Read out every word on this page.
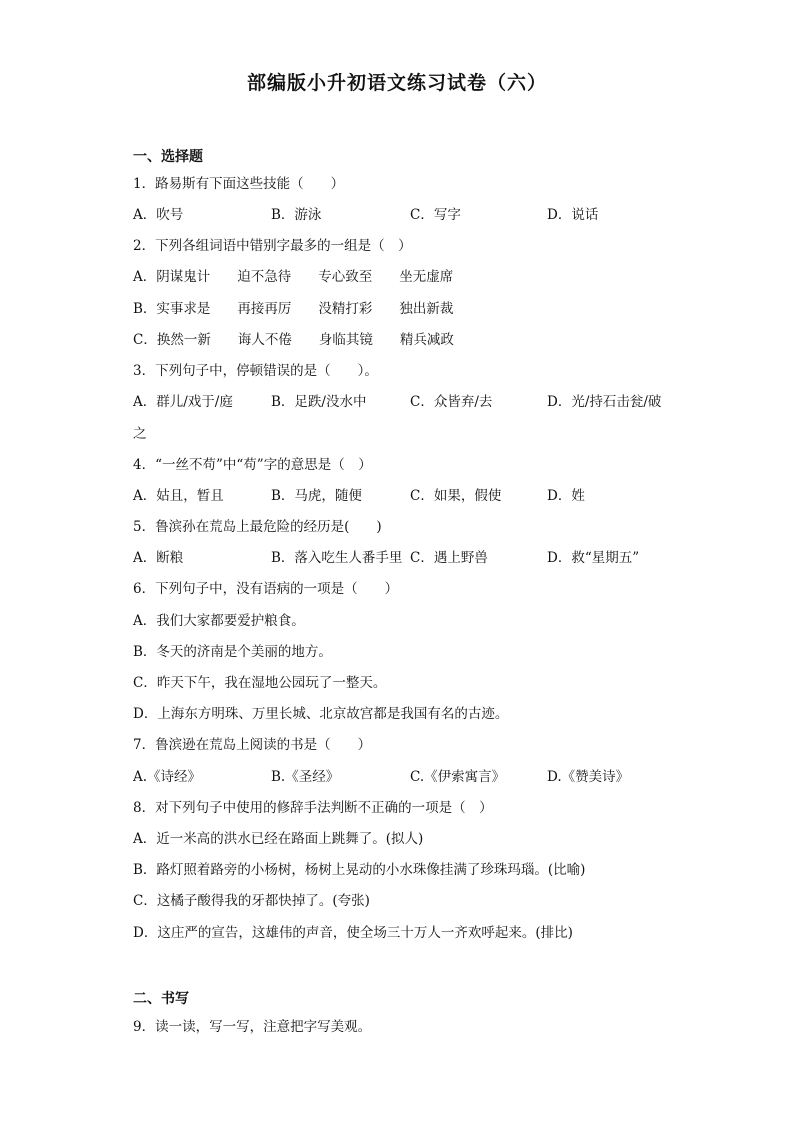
部编版小升初语文练习试卷（六）
一、选择题
1．路易斯有下面这些技能（　　）
A．吹号	B．游泳	C．写字	D．说话
2．下列各组词语中错别字最多的一组是（　）
A．阴谋鬼计　　迫不急待　　专心致至　　坐无虚席
B．实事求是　　再接再厉　　没精打彩　　独出新裁
C．换然一新　　诲人不倦　　身临其镜　　精兵减政
3．下列句子中，停顿错误的是（　　）。
A．群儿/戏于/庭	B．足跌/没水中	C．众皆弃/去	D．光/持石击瓮/破
之
4．“一丝不苟”中“苟”字的意思是（　）
A．姑且，暂且	B．马虎，随便	C．如果，假使	D．姓
5．鲁滨孙在荒岛上最危险的经历是(　　)
A．断粮	B．落入吃生人番手里 C．遇上野兽	D．救“星期五”
6．下列句子中，没有语病的一项是（　　）
A．我们大家都要爱护粮食。
B．冬天的济南是个美丽的地方。
C．昨天下午，我在湿地公园玩了一整天。
D．上海东方明珠、万里长城、北京故宫都是我国有名的古迹。
7．鲁滨逊在荒岛上阅读的书是（　　）
A.《诗经》	B.《圣经》	C.《伊索寓言》	D.《赞美诗》
8．对下列句子中使用的修辞手法判断不正确的一项是（　）
A．近一米高的洪水已经在路面上跳舞了。(拟人)
B．路灯照着路旁的小杨树，杨树上晃动的小水珠像挂满了珍珠玛瑙。(比喻)
C．这橘子酸得我的牙都快掉了。(夸张)
D．这庄严的宣告，这雄伟的声音，使全场三十万人一齐欢呼起来。(排比)
二、书写
9．读一读，写一写，注意把字写美观。
